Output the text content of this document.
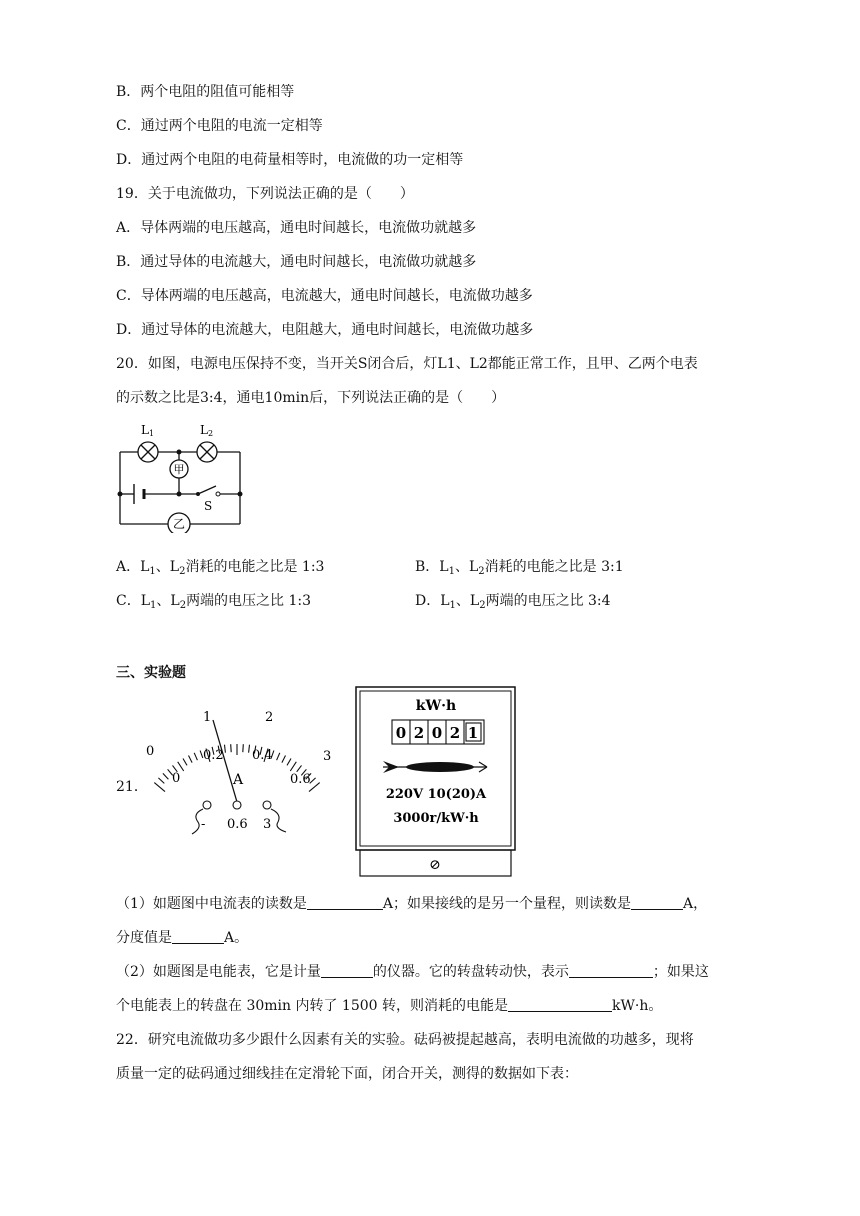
B．两个电阻的阻值可能相等
C．通过两个电阻的电流一定相等
D．通过两个电阻的电荷量相等时，电流做的功一定相等
19．关于电流做功，下列说法正确的是（　　）
A．导体两端的电压越高，通电时间越长，电流做功就越多
B．通过导体的电流越大，通电时间越长，电流做功就越多
C．导体两端的电压越高，电流越大，通电时间越长，电流做功越多
D．通过导体的电流越大，电阻越大，通电时间越长，电流做功越多
20．如图，电源电压保持不变，当开关S闭合后，灯L1、L2都能正常工作，且甲、乙两个电表
的示数之比是3:4，通电10min后，下列说法正确的是（　　）
L1	L2
甲
乙
S
A．$L_1$、$L_2$消耗的电能之比是 1:3	B．$L_1$、$L_2$消耗的电能之比是 3:1
C．$L_1$、$L_2$两端的电压之比 1:3	D．$L_1$、$L_2$两端的电压之比 3:4
三、实验题
21．
0
1	2
3
0
0.2 0.4
0.6
A
- 0.6 3
kW·h
0 2 0 2 1
220V 10(20)A
3000r/kW·h
⊘
（1）如题图中电流表的读数是	A；如果接线的是另一个量程，则读数是	A，
分度值是	A。
（2）如题图是电能表，它是计量	的仪器。它的转盘转动快，表示	；如果这
个电能表上的转盘在 30min 内转了 1500 转，则消耗的电能是	kW·h。
22．研究电流做功多少跟什么因素有关的实验。砝码被提起越高，表明电流做的功越多，现将
质量一定的砝码通过细线挂在定滑轮下面，闭合开关，测得的数据如下表：
